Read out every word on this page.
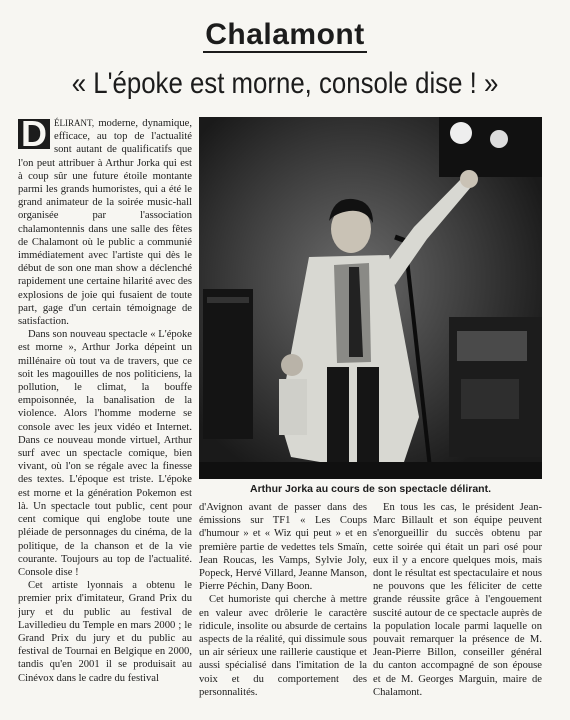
Chalamont
« L'époke est morne, console dise ! »

D ÉLIRANT, moderne, dynamique, efficace, au top de l'actualité sont autant de qualificatifs que l'on peut attribuer à Arthur Jorka qui est à coup sûr une future étoile montante parmi les grands humoristes, qui a été le grand animateur de la soirée music-hall organisée par l'association chalamontennis dans une salle des fêtes de Chalamont où le public a communié immédiatement avec l'artiste qui dès le début de son one man show a déclenché rapidement une certaine hilarité avec des explosions de joie qui fusaient de toute part, gage d'un certain témoignage de satisfaction.

Dans son nouveau spectacle « L'époke est morne », Arthur Jorka dépeint un millénaire où tout va de travers, que ce soit les magouilles de nos politiciens, la pollution, le climat, la bouffe empoisonnée, la banalisation de la violence. Alors l'homme moderne se console avec les jeux vidéo et Internet. Dans ce nouveau monde virtuel, Arthur surf avec un spectacle comique, bien vivant, où l'on se régale avec la finesse des textes. L'époque est triste. L'époke est morne et la génération Pokemon est là. Un spectacle tout public, cent pour cent comique qui englobe toute une pléiade de personnages du cinéma, de la politique, de la chanson et de la vie courante. Toujours au top de l'actualité. Console dise !

Cet artiste lyonnais a obtenu le premier prix d'imitateur, Grand Prix du jury et du public au festival de Lavilledieu du Temple en mars 2000 ; le Grand Prix du jury et du public au festival de Tournai en Belgique en 2000, tandis qu'en 2001 il se produisait au Cinévox dans le cadre du festival

Arthur Jorka au cours de son spectacle délirant.

d'Avignon avant de passer dans des émissions sur TF1 « Les Coups d'humour » et « Wiz qui peut » et en première partie de vedettes tels Smaïn, Jean Roucas, les Vamps, Sylvie Joly, Popeck, Hervé Villard, Jeanne Manson, Pierre Péchin, Dany Boon.

Cet humoriste qui cherche à mettre en valeur avec drôlerie le caractère ridicule, insolite ou absurde de certains aspects de la réalité, qui dissimule sous un air sérieux une raillerie caustique et aussi spécialisé dans l'imitation de la voix et du comportement des personnalités.

En tous les cas, le président Jean-Marc Billault et son équipe peuvent s'enorgueillir du succès obtenu par cette soirée qui était un pari osé pour eux il y a encore quelques mois, mais dont le résultat est spectaculaire et nous ne pouvons que les féliciter de cette grande réussite grâce à l'engouement suscité autour de ce spectacle auprès de la population locale parmi laquelle on pouvait remarquer la présence de M. Jean-Pierre Billon, conseiller général du canton accompagné de son épouse et de M. Georges Marguin, maire de Chalamont.
